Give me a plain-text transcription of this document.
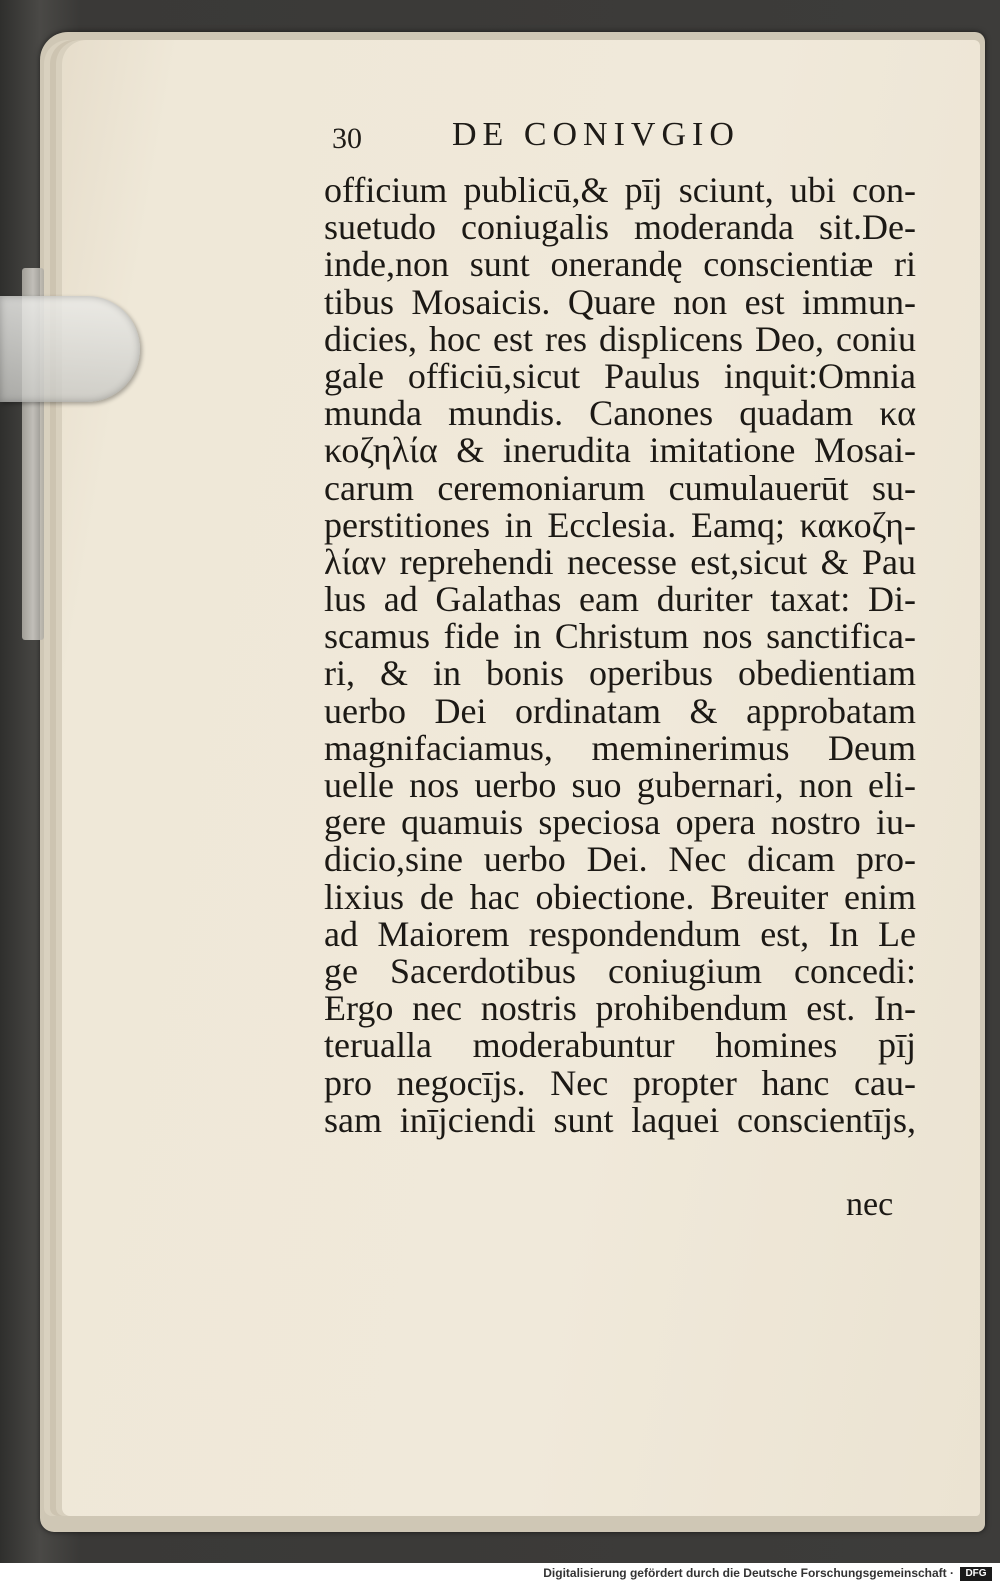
30	DE CONIVGIO
officium publicū,& pīj sciunt, ubi con‑
suetudo coniugalis moderanda sit.De‑
inde,non sunt onerandę conscientiæ ri
tibus Mosaicis. Quare non est immun‑
dicies, hoc est res displicens Deo, coniu
gale officiū,sicut Paulus inquit:Omnia
munda mundis. Canones quadam κα
κοζηλία & inerudita imitatione Mosai‑
carum ceremoniarum cumulauerūt su‑
perstitiones in Ecclesia. Eamq; κακοζη‑
λίαν reprehendi necesse est,sicut & Pau
lus ad Galathas eam duriter taxat: Di‑
scamus fide in Christum nos sanctifica‑
ri, & in bonis operibus obedientiam
uerbo Dei ordinatam & approbatam
magnifaciamus, meminerimus Deum
uelle nos uerbo suo gubernari, non eli‑
gere quamuis speciosa opera nostro iu‑
dicio,sine uerbo Dei. Nec dicam pro‑
lixius de hac obiectione. Breuiter enim
ad Maiorem respondendum est, In Le
ge Sacerdotibus coniugium concedi:
Ergo nec nostris prohibendum est. In‑
terualla moderabuntur homines pīj
pro negocījs. Nec propter hanc cau‑
sam inījciendi sunt laquei conscientījs,
nec
Digitalisierung gefördert durch die Deutsche Forschungsgemeinschaft ·	DFG
